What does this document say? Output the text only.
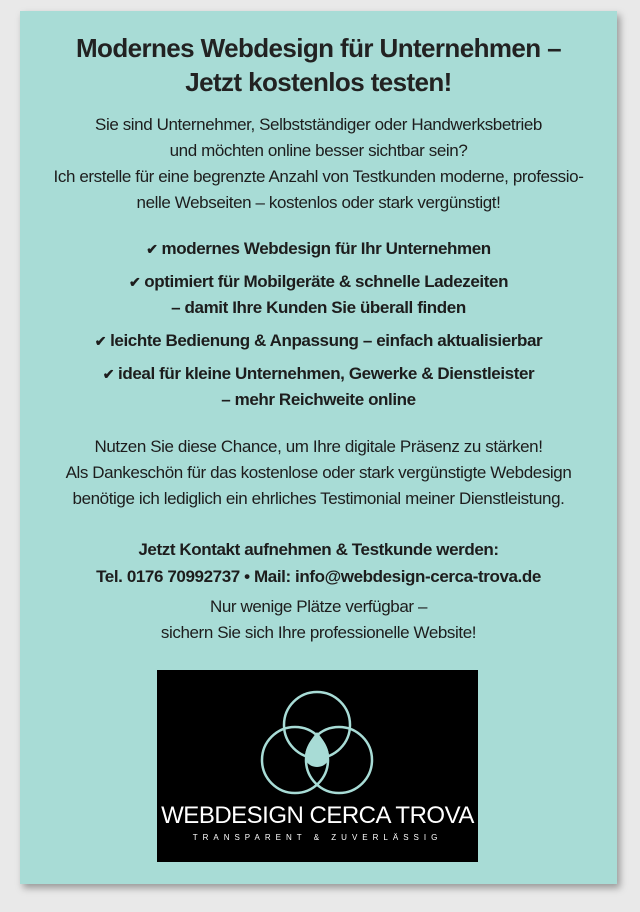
Modernes Webdesign für Unternehmen –
Jetzt kostenlos testen!
Sie sind Unternehmer, Selbstständiger oder Handwerksbetrieb
und möchten online besser sichtbar sein?
Ich erstelle für eine begrenzte Anzahl von Testkunden moderne, professio-
nelle Webseiten – kostenlos oder stark vergünstigt!
✔ modernes Webdesign für Ihr Unternehmen
✔ optimiert für Mobilgeräte & schnelle Ladezeiten
– damit Ihre Kunden Sie überall finden
✔ leichte Bedienung & Anpassung – einfach aktualisierbar
✔ ideal für kleine Unternehmen, Gewerke & Dienstleister
– mehr Reichweite online
Nutzen Sie diese Chance, um Ihre digitale Präsenz zu stärken!
Als Dankeschön für das kostenlose oder stark vergünstigte Webdesign
benötige ich lediglich ein ehrliches Testimonial meiner Dienstleistung.
Jetzt Kontakt aufnehmen & Testkunde werden:
Tel. 0176 70992737 • Mail: info@webdesign-cerca-trova.de
Nur wenige Plätze verfügbar –
sichern Sie sich Ihre professionelle Website!
WEBDESIGN CERCA TROVA
TRANSPARENT & ZUVERLÄSSIG
